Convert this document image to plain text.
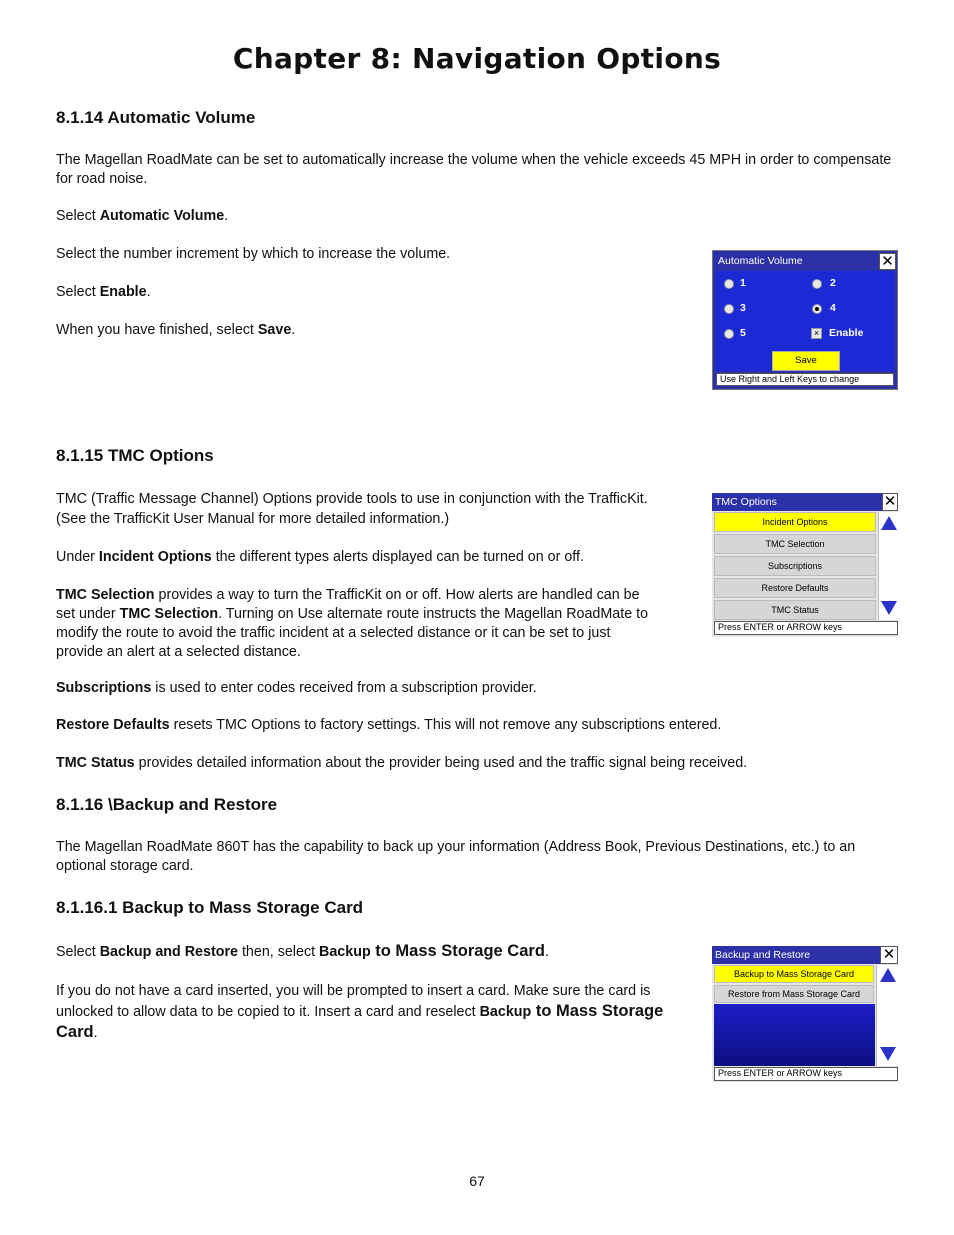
Chapter 8: Navigation Options
8.1.14 Automatic Volume

The Magellan RoadMate can be set to automatically increase the volume when the vehicle exceeds 45 MPH in order to compensate for road noise.

Select Automatic Volume.

Select the number increment by which to increase the volume.

Select Enable.

When you have finished, select Save.

Automatic Volume	✕
1	2
3	4
5	× Enable
Save
Use Right and Left Keys to change
8.1.15 TMC Options

TMC (Traffic Message Channel) Options provide tools to use in conjunction with the TrafficKit.

(See the TrafficKit User Manual for more detailed information.)

Under Incident Options the different types alerts displayed can be turned on or off.

TMC Selection provides a way to turn the TrafficKit on or off. How alerts are handled can be

set under TMC Selection. Turning on Use alternate route instructs the Magellan RoadMate to

modify the route to avoid the traffic incident at a selected distance or it can be set to just

provide an alert at a selected distance.

Subscriptions is used to enter codes received from a subscription provider.

Restore Defaults resets TMC Options to factory settings. This will not remove any subscriptions entered.

TMC Status provides detailed information about the provider being used and the traffic signal being received.

TMC Options	✕
Incident Options
TMC Selection
Subscriptions
Restore Defaults
TMC Status
Press ENTER or ARROW keys
8.1.16 \Backup and Restore

The Magellan RoadMate 860T has the capability to back up your information (Address Book, Previous Destinations, etc.) to an optional storage card.

8.1.16.1 Backup to Mass Storage Card

Select Backup and Restore then, select Backup to Mass Storage Card.

If you do not have a card inserted, you will be prompted to insert a card. Make sure the card is

unlocked to allow data to be copied to it. Insert a card and reselect Backup to Mass Storage

Card.

Backup and Restore	✕
Backup to Mass Storage Card
Restore from Mass Storage Card
Press ENTER or ARROW keys
67
